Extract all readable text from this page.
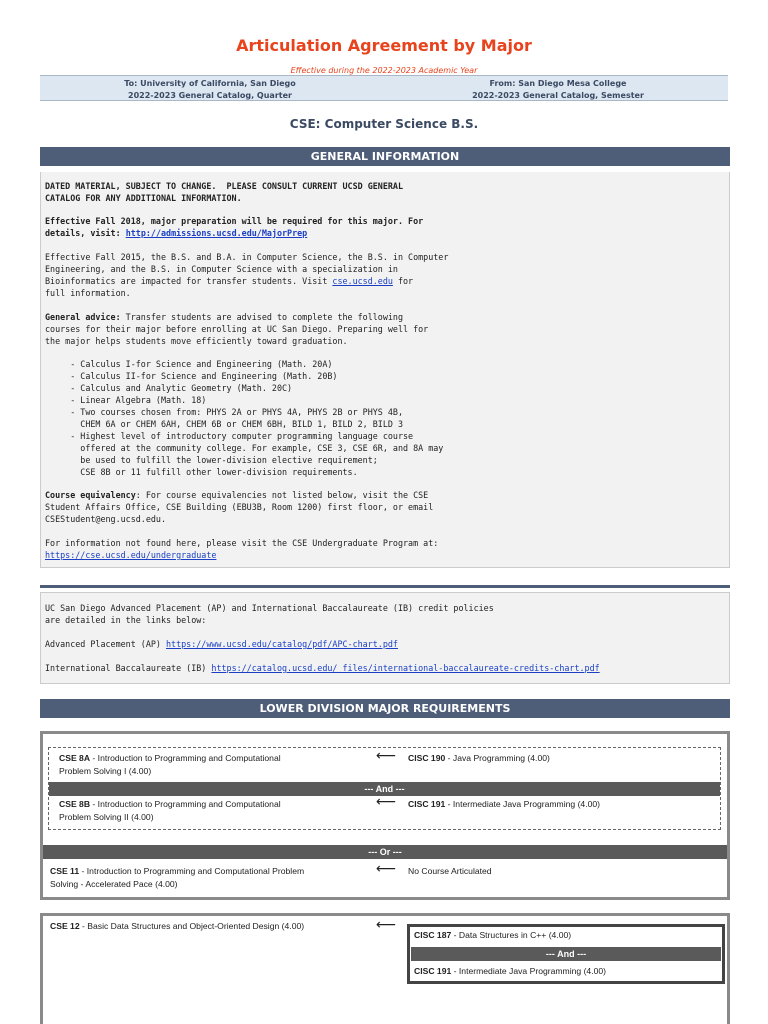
Articulation Agreement by Major
Effective during the 2022-2023 Academic Year
To: University of California, San Diego
2022-2023 General Catalog, Quarter
From: San Diego Mesa College
2022-2023 General Catalog, Semester
CSE: Computer Science B.S.
GENERAL INFORMATION
DATED MATERIAL, SUBJECT TO CHANGE.  PLEASE CONSULT CURRENT UCSD GENERAL
CATALOG FOR ANY ADDITIONAL INFORMATION.
Effective Fall 2018, major preparation will be required for this major. For
details, visit: http://admissions.ucsd.edu/MajorPrep
Effective Fall 2015, the B.S. and B.A. in Computer Science, the B.S. in Computer
Engineering, and the B.S. in Computer Science with a specialization in
Bioinformatics are impacted for transfer students. Visit cse.ucsd.edu for
full information.
General advice: Transfer students are advised to complete the following
courses for their major before enrolling at UC San Diego. Preparing well for
the major helps students move efficiently toward graduation.
- Calculus I-for Science and Engineering (Math. 20A)
- Calculus II-for Science and Engineering (Math. 20B)
- Calculus and Analytic Geometry (Math. 20C)
- Linear Algebra (Math. 18)
- Two courses chosen from: PHYS 2A or PHYS 4A, PHYS 2B or PHYS 4B,
CHEM 6A or CHEM 6AH, CHEM 6B or CHEM 6BH, BILD 1, BILD 2, BILD 3
- Highest level of introductory computer programming language course
offered at the community college. For example, CSE 3, CSE 6R, and 8A may
be used to fulfill the lower-division elective requirement;
CSE 8B or 11 fulfill other lower-division requirements.
Course equivalency: For course equivalencies not listed below, visit the CSE
Student Affairs Office, CSE Building (EBU3B, Room 1200) first floor, or email
CSEStudent@eng.ucsd.edu.
For information not found here, please visit the CSE Undergraduate Program at:
https://cse.ucsd.edu/undergraduate
UC San Diego Advanced Placement (AP) and International Baccalaureate (IB) credit policies
are detailed in the links below:
Advanced Placement (AP) https://www.ucsd.edu/catalog/pdf/APC-chart.pdf
International Baccalaureate (IB) https://catalog.ucsd.edu/_files/international-baccalaureate-credits-chart.pdf
LOWER DIVISION MAJOR REQUIREMENTS
CSE 8A - Introduction to Programming and Computational
Problem Solving I (4.00)
⟵ CISC 190 - Java Programming (4.00)
--- And ---
CSE 8B - Introduction to Programming and Computational
Problem Solving II (4.00)
⟵ CISC 191 - Intermediate Java Programming (4.00)
--- Or ---
CSE 11 - Introduction to Programming and Computational Problem
Solving - Accelerated Pace (4.00)
⟵ No Course Articulated
CSE 12 - Basic Data Structures and Object-Oriented Design (4.00)	⟵
CISC 187 - Data Structures in C++ (4.00)
--- And ---
CISC 191 - Intermediate Java Programming (4.00)
